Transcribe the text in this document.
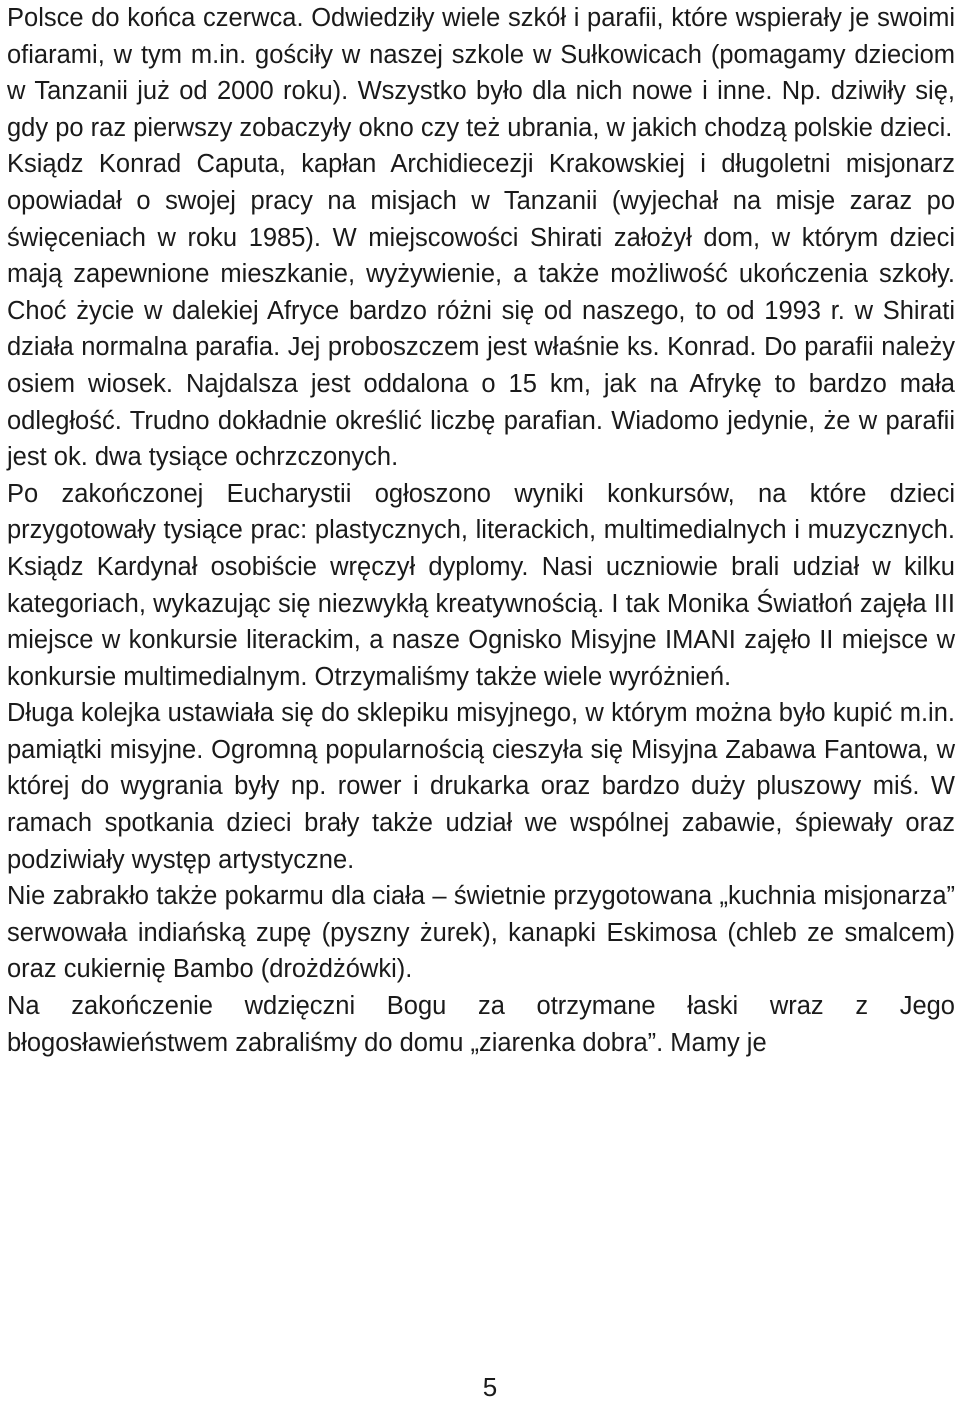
Polsce do końca czerwca. Odwiedziły wiele szkół i parafii, które wspierały je swoimi ofiarami, w tym m.in. gościły w naszej szkole w Sułkowicach (pomagamy dzieciom w Tanzanii już od 2000 roku). Wszystko było dla nich nowe i inne. Np. dziwiły się, gdy po raz pierwszy zobaczyły okno czy też ubrania, w jakich chodzą polskie dzieci.

Ksiądz Konrad Caputa, kapłan Archidiecezji Krakowskiej i długoletni misjonarz opowiadał o swojej pracy na misjach w Tanzanii (wyjechał na misje zaraz po święceniach w roku 1985). W miejscowości Shirati założył dom, w którym dzieci mają zapewnione mieszkanie, wyżywienie, a także możliwość ukończenia szkoły. Choć życie w dalekiej Afryce bardzo różni się od naszego, to od 1993 r. w Shirati działa normalna parafia. Jej proboszczem jest właśnie ks. Konrad. Do parafii należy osiem wiosek. Najdalsza jest oddalona o 15 km, jak na Afrykę to bardzo mała odległość. Trudno dokładnie określić liczbę parafian. Wiadomo jedynie, że w parafii jest ok. dwa tysiące ochrzczonych.

Po zakończonej Eucharystii ogłoszono wyniki konkursów, na które dzieci przygotowały tysiące prac: plastycznych, literackich, multimedialnych i muzycznych. Ksiądz Kardynał osobiście wręczył dyplomy. Nasi uczniowie brali udział w kilku kategoriach, wykazując się niezwykłą kreatywnością. I tak Monika Światłoń zajęła III miejsce w konkursie literackim, a nasze Ognisko Misyjne IMANI zajęło II miejsce w konkursie multimedialnym. Otrzymaliśmy także wiele wyróżnień.

Długa kolejka ustawiała się do sklepiku misyjnego, w którym można było kupić m.in. pamiątki misyjne. Ogromną popularnością cieszyła się Misyjna Zabawa Fantowa, w której do wygrania były np. rower i drukarka oraz bardzo duży pluszowy miś. W ramach spotkania dzieci brały także udział we wspólnej zabawie, śpiewały oraz podziwiały występ artystyczne.

Nie zabrakło także pokarmu dla ciała – świetnie przygotowana „kuchnia misjonarza” serwowała indiańską zupę (pyszny żurek), kanapki Eskimosa (chleb ze smalcem) oraz cukiernię Bambo (drożdżówki).

Na zakończenie wdzięczni Bogu za otrzymane łaski wraz z Jego błogosławieństwem zabraliśmy do domu „ziarenka dobra”. Mamy je

5
